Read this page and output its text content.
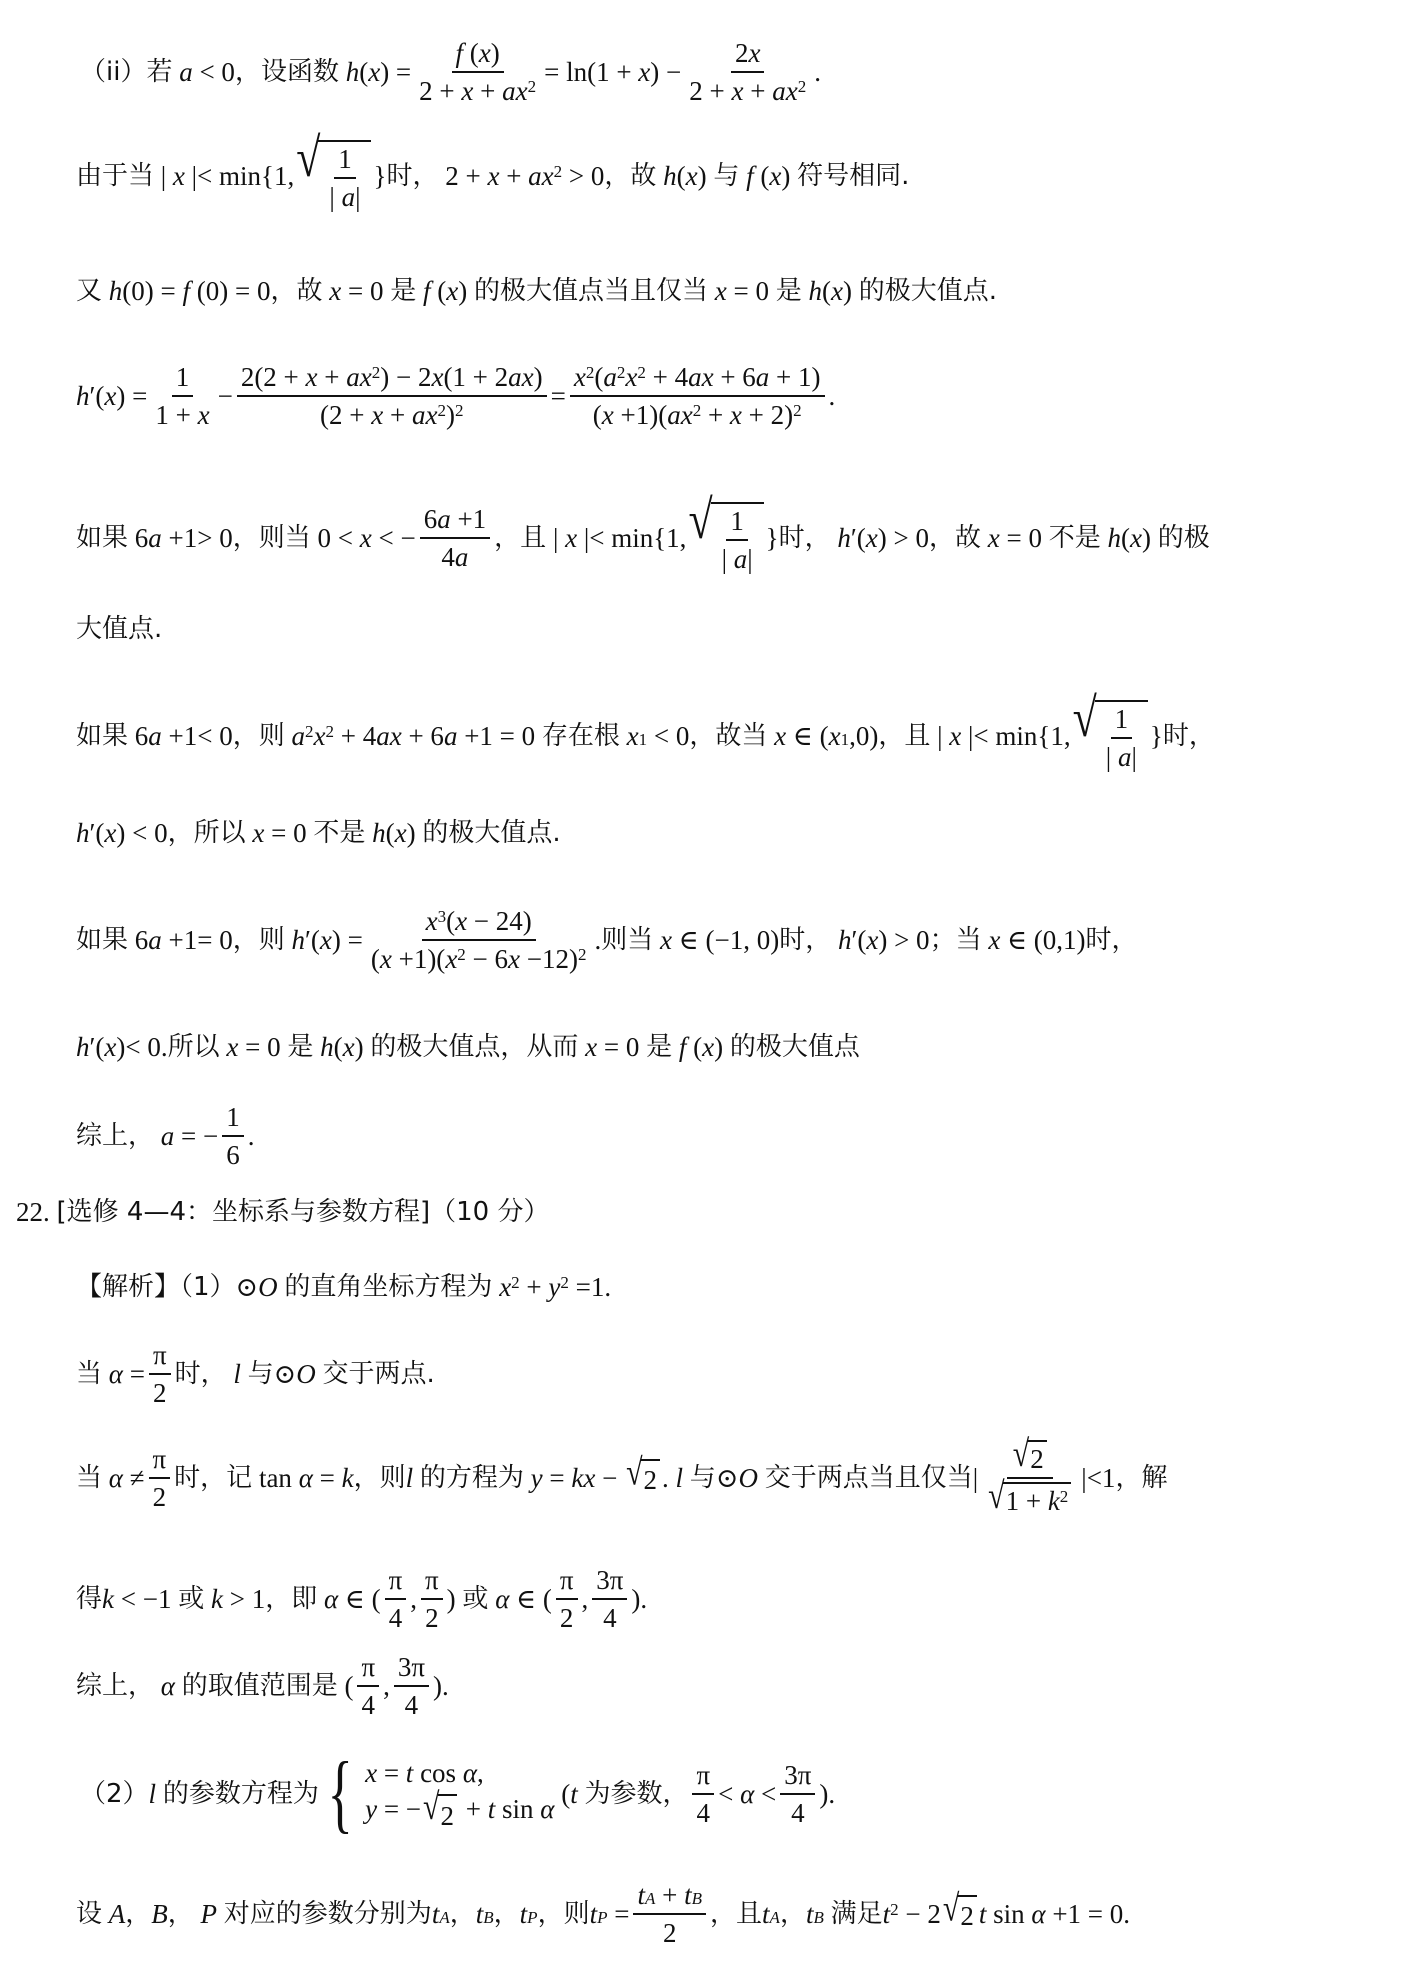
（ii）若 a < 0 ，设函数 h ( x ) = $\frac{f (x)}{2 + x + ax^2} = \ln(1 + x$ ) − $\frac{2x}{2 + x + ax^2}$ .
由于当 | x |< min{1, √ $\frac{1}{| a|}$ } 时， $2 + x + ax^2 > 0$ ，故
h ( x ) 与
f ( x ) 符号相同.
又
h (0) = f (0) = 0 ，故
x = 0 是
f ( x ) 的极大值点当且仅当
x = 0 是
h ( x ) 的极大值点.
h ′( x ) = $\frac{1}{1 + x} - \frac{2(2 + x + ax^2) - 2x(1 + 2ax)}{(2 + x + ax^2)^2} = \frac{x^2(a^2x^2 + 4ax + 6a + 1)}{(x +1)(ax^2 + x + 2)^2}$ .
如果 6 a +1> 0 ，则当 0 < x < − $\frac{6a +1}{4a}$ ，且 | x |< min{1, √ $\frac{1}{| a|}$ } 时，
h ′( x ) > 0 ，故
x = 0 不是
h ( x ) 的极
大值点.
如果 6 a +1< 0 ，则
$a^2$ $x^2 + 4$ ax + 6 a +1 = 0 存在根
$x_1 < 0$ ，故当
x ∈ ( $x_1$ ,0) ，且 | x |< min{1, √ $\frac{1}{| a|}$ } 时，
h ′( x ) < 0 ，所以
x = 0 不是
h ( x ) 的极大值点.
如果 6 a +1= 0 ，则
h ′( x ) = $\frac{x^3(x - 24)}{(x +1)(x^2 - 6x -12)^2}$ . 则当
x ∈ (−1, 0) 时，
h ′( x ) > 0 ；当
x ∈ (0,1) 时，
h ′( x )< 0. 所以
x = 0 是
h ( x ) 的极大值点，从而
x = 0 是
f ( x ) 的极大值点
综上，
a = − $\frac{1}{6}$ .
22.
[选修 4—4：坐标系与参数方程]（10 分）
【解析】（1） ⊙ O
的直角坐标方程为
$x^2 + y^2 =1$.
当
$\alpha = \frac{\pi}{2}$ 时，
l
与 ⊙ O
交于两点.
当
$\alpha \ne \frac{\pi}{2}$ 时，记 tan α = k ，则 l
的方程为
y = kx − √ 2 . l
与 ⊙ O
交于两点当且仅当 | $\frac{√ 2}{√ 1 + k^2} |<1$ ，解
得 k < −1 或
k > 1 ，即
α ∈ ( $\frac{\pi}{4}$ , $\frac{\pi}{2}$ ) 或
α ∈ ( $\frac{\pi}{2}$ , $\frac{3\pi}{4}$ ).
综上，
α
的取值范围是 ( $\frac{\pi}{4}$ , $\frac{3\pi}{4}$ ).
（2） l
的参数方程为 { x = t cos α,
y = − √ 2 + t sin α ( t
为参数， $\frac{\pi}{4} < \alpha < \frac{3\pi}{4}$ ).
设
A ， B ，
P
对应的参数分别为 $t_A$ ， $t_B$ ， $t_P$ ，则 $t_P = \frac{t_A + t_B}{2}$ ，且 $t_A$ ， $t_B$
满足 $t^2 - 2$ √ 2 t sin α +1 = 0.
